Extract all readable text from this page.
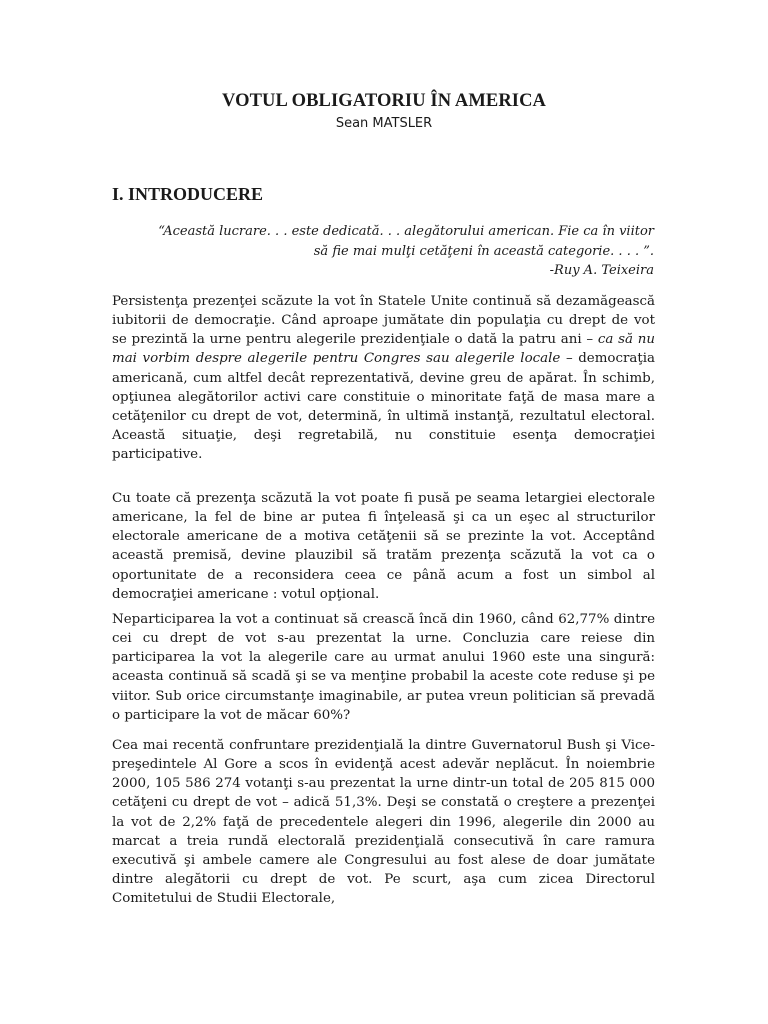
VOTUL OBLIGATORIU ÎN AMERICA
Sean MATSLER
I. INTRODUCERE
“Această lucrare. . . este dedicată. . . alegătorului american. Fie ca în viitor
să fie mai mulţi cetăţeni în această categorie. . . . ”.
-Ruy A. Teixeira

Persistenţa prezenţei scăzute la vot în Statele Unite continuă să dezamăgească iubitorii de democraţie. Când aproape jumătate din populaţia cu drept de vot se prezintă la urne pentru alegerile prezidenţiale o dată la patru ani – ca să nu mai vorbim despre alegerile pentru Congres sau alegerile locale – democraţia americană, cum altfel decât reprezentativă, devine greu de apărat. În schimb, opţiunea alegătorilor activi care constituie o minoritate faţă de masa mare a cetăţenilor cu drept de vot, determină, în ultimă instanţă, rezultatul electoral. Această situaţie, deşi regretabilă, nu constituie esenţa democraţiei participative.

Cu toate că prezenţa scăzută la vot poate fi pusă pe seama letargiei electorale americane, la fel de bine ar putea fi înţeleasă şi ca un eşec al structurilor electorale americane de a motiva cetăţenii să se prezinte la vot. Acceptând această premisă, devine plauzibil să tratăm prezenţa scăzută la vot ca o oportunitate de a reconsidera ceea ce până acum a fost un simbol al democraţiei americane : votul opţional.

Neparticiparea la vot a continuat să crească încă din 1960, când 62,77% dintre cei cu drept de vot s-au prezentat la urne. Concluzia care reiese din participarea la vot la alegerile care au urmat anului 1960 este una singură: aceasta continuă să scadă şi se va menţine probabil la aceste cote reduse şi pe viitor. Sub orice circumstanţe imaginabile, ar putea vreun politician să prevadă o participare la vot de măcar 60%?

Cea mai recentă confruntare prezidenţială la dintre Guvernatorul Bush şi Vice-preşedintele Al Gore a scos în evidenţă acest adevăr neplăcut. În noiembrie 2000, 105 586 274 votanţi s-au prezentat la urne dintr-un total de 205 815 000 cetăţeni cu drept de vot – adică 51,3%. Deşi se constată o creştere a prezenţei la vot de 2,2% faţă de precedentele alegeri din 1996, alegerile din 2000 au marcat a treia rundă electorală prezidenţială consecutivă în care ramura executivă şi ambele camere ale Congresului au fost alese de doar jumătate dintre alegătorii cu drept de vot. Pe scurt, aşa cum zicea Directorul Comitetului de Studii Electorale,
